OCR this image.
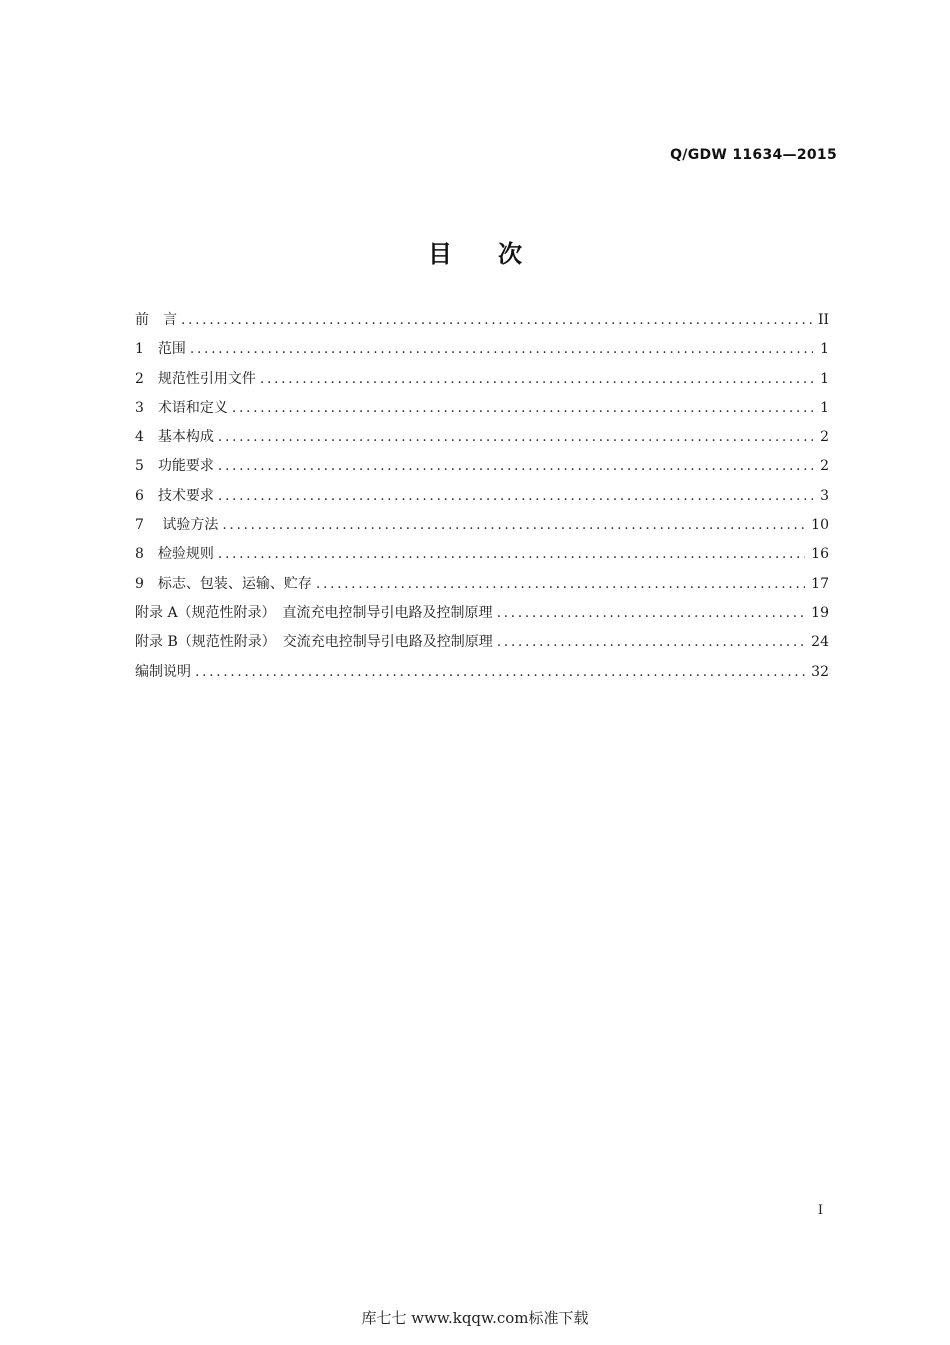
Q/GDW 11634—2015
目次
前　言 .....	II
1　范围 .....	1
2　规范性引用文件 .....	1
3　术语和定义 .....	1
4　基本构成 .....	2
5　功能要求 .....	2
6　技术要求 .....	3
7　 试验方法 .....	10
8　检验规则 .....	16
9　标志、包装、运输、贮存 .....	17
附录 A（规范性附录）　直流充电控制导引电路及控制原理 .....	19
附录 B（规范性附录）　交流充电控制导引电路及控制原理 .....	24
编制说明 .....	32
I
库七七 www.kqqw.com标准下载
